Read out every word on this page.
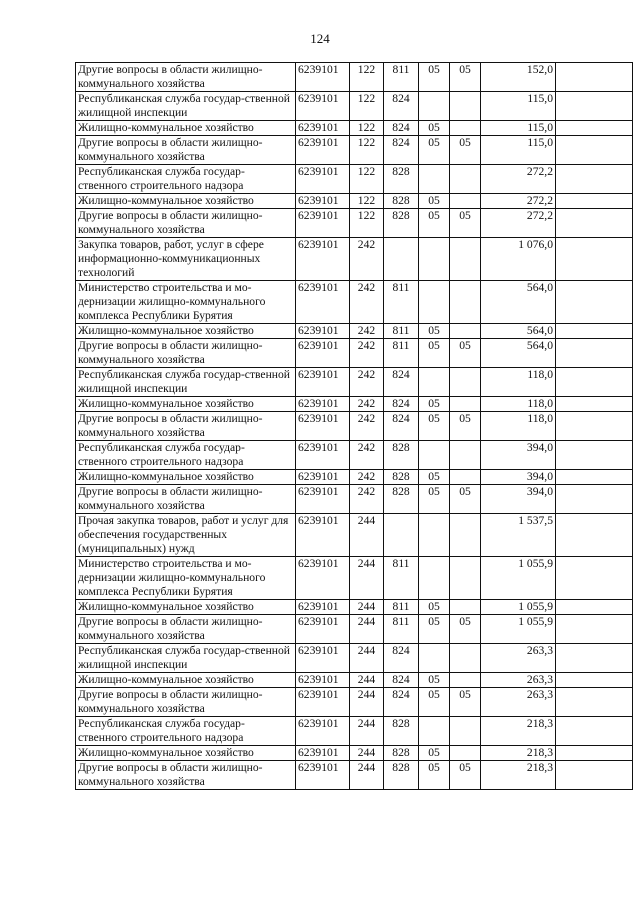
124
Другие вопросы в области жилищно-коммунального хозяйства	6239101	122	811	05	05	152,0	
Республиканская служба государ-ственной жилищной инспекции	6239101	122	824			115,0	
Жилищно-коммунальное хозяйство	6239101	122	824	05		115,0	
Другие вопросы в области жилищно-коммунального хозяйства	6239101	122	824	05	05	115,0	
Республиканская служба государ-ственного строительного надзора	6239101	122	828			272,2	
Жилищно-коммунальное хозяйство	6239101	122	828	05		272,2	
Другие вопросы в области жилищно-коммунального хозяйства	6239101	122	828	05	05	272,2	
Закупка товаров, работ, услуг в сфере информационно-коммуникационных технологий	6239101	242				1 076,0	
Министерство строительства и мо-дернизации жилищно-коммунального комплекса Республики Бурятия	6239101	242	811			564,0	
Жилищно-коммунальное хозяйство	6239101	242	811	05		564,0	
Другие вопросы в области жилищно-коммунального хозяйства	6239101	242	811	05	05	564,0	
Республиканская служба государ-ственной жилищной инспекции	6239101	242	824			118,0	
Жилищно-коммунальное хозяйство	6239101	242	824	05		118,0	
Другие вопросы в области жилищно-коммунального хозяйства	6239101	242	824	05	05	118,0	
Республиканская служба государ-ственного строительного надзора	6239101	242	828			394,0	
Жилищно-коммунальное хозяйство	6239101	242	828	05		394,0	
Другие вопросы в области жилищно-коммунального хозяйства	6239101	242	828	05	05	394,0	
Прочая закупка товаров, работ и услуг для обеспечения государственных (муниципальных) нужд	6239101	244				1 537,5	
Министерство строительства и мо-дернизации жилищно-коммунального комплекса Республики Бурятия	6239101	244	811			1 055,9	
Жилищно-коммунальное хозяйство	6239101	244	811	05		1 055,9	
Другие вопросы в области жилищно-коммунального хозяйства	6239101	244	811	05	05	1 055,9	
Республиканская служба государ-ственной жилищной инспекции	6239101	244	824			263,3	
Жилищно-коммунальное хозяйство	6239101	244	824	05		263,3	
Другие вопросы в области жилищно-коммунального хозяйства	6239101	244	824	05	05	263,3	
Республиканская служба государ-ственного строительного надзора	6239101	244	828			218,3	
Жилищно-коммунальное хозяйство	6239101	244	828	05		218,3	
Другие вопросы в области жилищно-коммунального хозяйства	6239101	244	828	05	05	218,3	
